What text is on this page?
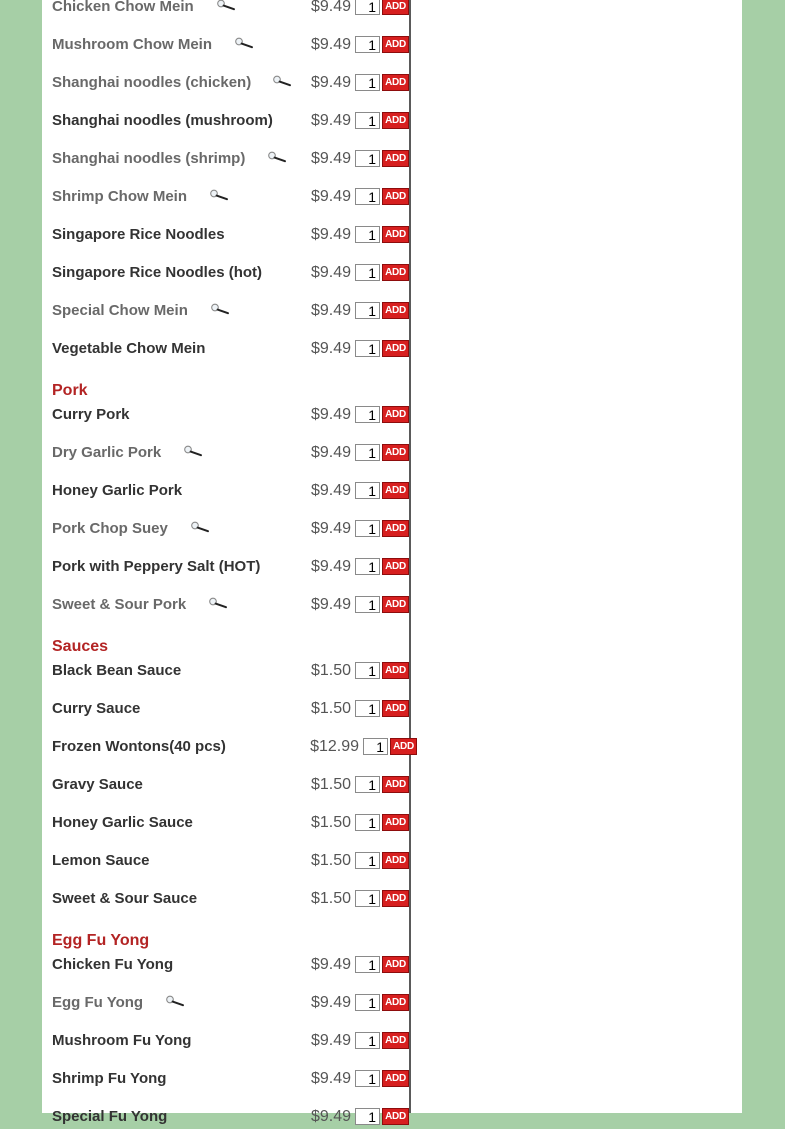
Chicken Chow Mein	$9.49
1	ADD
Mushroom Chow Mein	$9.49
1	ADD
Shanghai noodles (chicken)	$9.49
1	ADD
Shanghai noodles (mushroom) $9.49
1	ADD
Shanghai noodles (shrimp)	$9.49
1	ADD
Shrimp Chow Mein	$9.49
1	ADD
Singapore Rice Noodles	$9.49
1	ADD
Singapore Rice Noodles (hot)	$9.49
1	ADD
Special Chow Mein	$9.49
1	ADD
Vegetable Chow Mein	$9.49
1	ADD
Pork
Curry Pork	$9.49
1	ADD
Dry Garlic Pork	$9.49
1	ADD
Honey Garlic Pork	$9.49
1	ADD
Pork Chop Suey	$9.49
1	ADD
Pork with Peppery Salt (HOT)	$9.49
1	ADD
Sweet & Sour Pork	$9.49
1	ADD
Sauces
Black Bean Sauce	$1.50
1	ADD
Curry Sauce	$1.50
1	ADD
Frozen Wontons(40 pcs)	$12.99
1	ADD
Gravy Sauce	$1.50
1	ADD
Honey Garlic Sauce	$1.50
1	ADD
Lemon Sauce	$1.50
1	ADD
Sweet & Sour Sauce	$1.50
1	ADD
Egg Fu Yong
Chicken Fu Yong	$9.49
1	ADD
Egg Fu Yong	$9.49
1	ADD
Mushroom Fu Yong	$9.49
1	ADD
Shrimp Fu Yong	$9.49
1	ADD
Special Fu Yong	$9.49
1	ADD
